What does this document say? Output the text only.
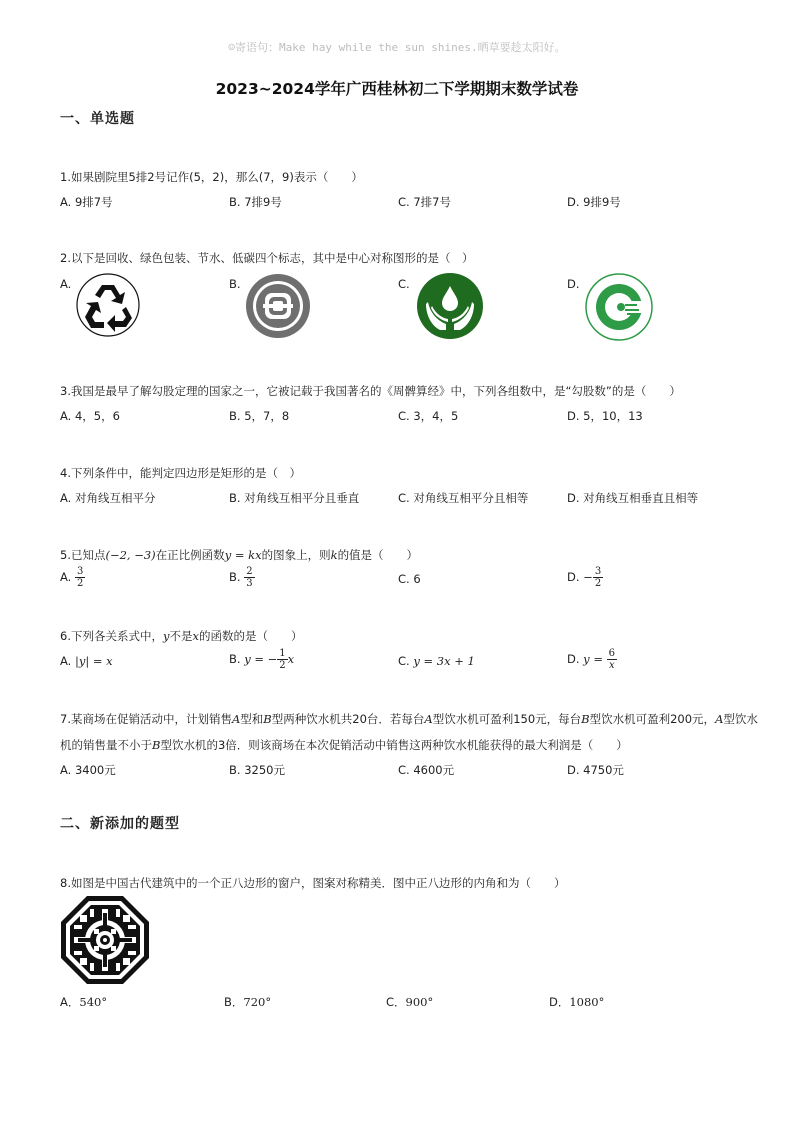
☺寄语句：Make hay while the sun shines.晒草要趁太阳好。
2023~2024学年广西桂林初二下学期期末数学试卷
一、单选题
1.如果剧院里5排2号记作(5，2)，那么(7，9)表示（　　）
A. 9排7号	B. 7排9号	C. 7排7号	D. 9排9号
2.以下是回收、绿色包装、节水、低碳四个标志，其中是中心对称图形的是（　）
A.	B.	C.	D.
3.我国是最早了解勾股定理的国家之一，它被记载于我国著名的《周髀算经》中，下列各组数中，是“勾股数”的是（　　）
A. 4，5，6	B. 5，7，8	C. 3，4，5	D. 5，10，13
4.下列条件中，能判定四边形是矩形的是（　）
A. 对角线互相平分	B. 对角线互相平分且垂直	C. 对角线互相平分且相等	D. 对角线互相垂直且相等
5.已知点(−2, −3)在正比例函数y = kx的图象上，则k的值是（　　）
A. $\frac{3}{2}$	B. $\frac{2}{3}$	C. 6	D. − $\frac{3}{2}$
6.下列各关系式中，y不是x的函数的是（　　）
A. |y| = x	B. y = − $\frac{1}{2}$ x	C. y = 3x + 1	D. $y = \frac{6}{x}$
7.某商场在促销活动中，计划销售A型和B型两种饮水机共20台．若每台A型饮水机可盈利150元，每台B型饮水机可盈利200元，A型饮水
机的销售量不小于B型饮水机的3倍．则该商场在本次促销活动中销售这两种饮水机能获得的最大利润是（　　）
A. 3400元	B. 3250元	C. 4600元	D. 4750元
二、新添加的题型
8.如图是中国古代建筑中的一个正八边形的窗户，图案对称精美．图中正八边形的内角和为（　　）
A．540°	B．720°	C．900°	D．1080°
